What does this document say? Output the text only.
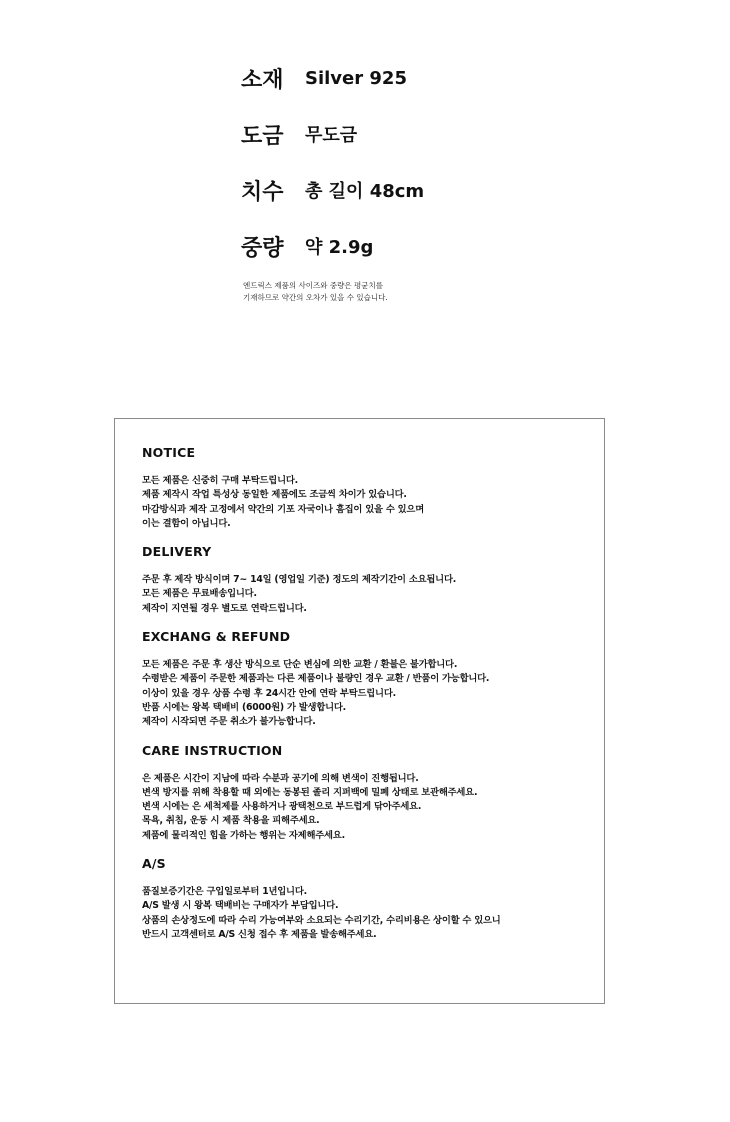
소재	Silver 925
도금	무도금
치수	총 길이 48cm
중량	약 2.9g

엔드릭스 제품의 사이즈와 중량은 평균치를

기재하므로 약간의 오차가 있을 수 있습니다.

NOTICE
모든 제품은 신중히 구매 부탁드립니다.
제품 제작시 작업 특성상 동일한 제품에도 조금씩 차이가 있습니다.
마감방식과 제작 고정에서 약간의 기포 자국이나 흠집이 있을 수 있으며
이는 결함이 아닙니다.
DELIVERY
주문 후 제작 방식이며 7~ 14일 (영업일 기준) 정도의 제작기간이 소요됩니다.
모든 제품은 무료배송입니다.
제작이 지연될 경우 별도로 연락드립니다.
EXCHANG & REFUND
모든 제품은 주문 후 생산 방식으로 단순 변심에 의한 교환 / 환불은 불가합니다.
수령받은 제품이 주문한 제품과는 다른 제품이나 불량인 경우 교환 / 반품이 가능합니다.
이상이 있을 경우 상품 수령 후 24시간 안에 연락 부탁드립니다.
반품 시에는 왕복 택배비 (6000원) 가 발생합니다.
제작이 시작되면 주문 취소가 불가능합니다.
CARE INSTRUCTION
은 제품은 시간이 지남에 따라 수분과 공기에 의해 변색이 진행됩니다.
변색 방지를 위해 착용할 때 외에는 동봉된 졸리 지퍼백에 밀폐 상태로 보관해주세요.
변색 시에는 은 세척제를 사용하거나 광택천으로 부드럽게 닦아주세요.
목욕, 취침, 운동 시 제품 착용을 피해주세요.
제품에 물리적인 힘을 가하는 행위는 자제해주세요.
A/S
품질보증기간은 구입일로부터 1년입니다.
A/S 발생 시 왕복 택배비는 구매자가 부담입니다.
상품의 손상정도에 따라 수리 가능여부와 소요되는 수리기간, 수리비용은 상이할 수 있으니
반드시 고객센터로 A/S 신청 접수 후 제품을 발송해주세요.
